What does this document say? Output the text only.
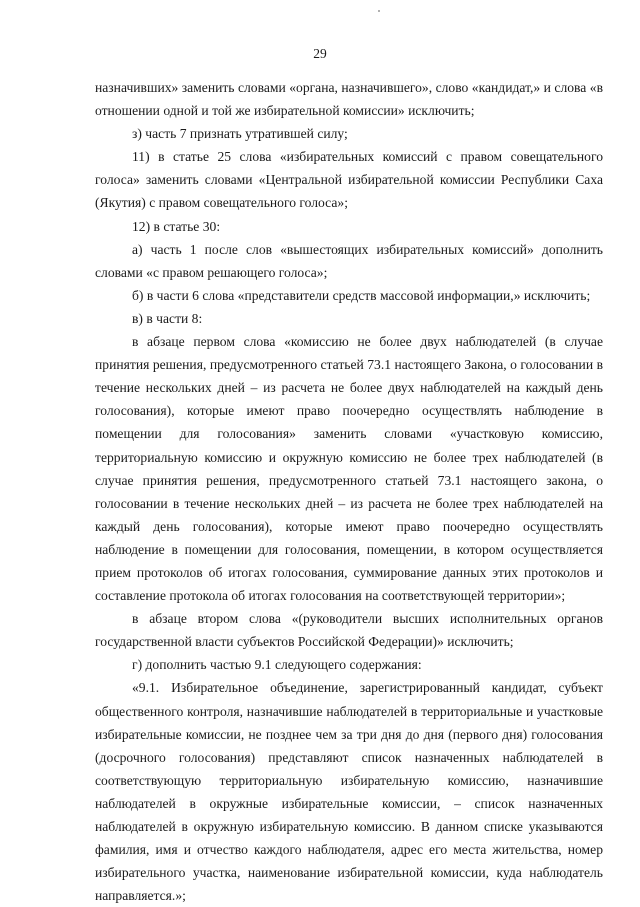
29

назначивших» заменить словами «органа, назначившего», слово «кандидат,» и слова «в отношении одной и той же избирательной комиссии» исключить;

з) часть 7 признать утратившей силу;

11) в статье 25 слова «избирательных комиссий с правом совещательного голоса» заменить словами «Центральной избирательной комиссии Республики Саха (Якутия) с правом совещательного голоса»;

12) в статье 30:

а) часть 1 после слов «вышестоящих избирательных комиссий» дополнить словами «с правом решающего голоса»;

б) в части 6 слова «представители средств массовой информации,» исключить;

в) в части 8:

в абзаце первом слова «комиссию не более двух наблюдателей (в случае принятия решения, предусмотренного статьей 73.1 настоящего Закона, о голосовании в течение нескольких дней – из расчета не более двух наблюдателей на каждый день голосования), которые имеют право поочередно осуществлять наблюдение в помещении для голосования» заменить словами «участковую комиссию, территориальную комиссию и окружную комиссию не более трех наблюдателей (в случае принятия решения, предусмотренного статьей 73.1 настоящего закона, о голосовании в течение нескольких дней – из расчета не более трех наблюдателей на каждый день голосования), которые имеют право поочередно осуществлять наблюдение в помещении для голосования, помещении, в котором осуществляется прием протоколов об итогах голосования, суммирование данных этих протоколов и составление протокола об итогах голосования на соответствующей территории»;

в абзаце втором слова «(руководители высших исполнительных органов государственной власти субъектов Российской Федерации)» исключить;

г) дополнить частью 9.1 следующего содержания:

«9.1. Избирательное объединение, зарегистрированный кандидат, субъект общественного контроля, назначившие наблюдателей в территориальные и участковые избирательные комиссии, не позднее чем за три дня до дня (первого дня) голосования (досрочного голосования) представляют список назначенных наблюдателей в соответствующую территориальную избирательную комиссию, назначившие наблюдателей в окружные избирательные комиссии, – список назначенных наблюдателей в окружную избирательную комиссию. В данном списке указываются фамилия, имя и отчество каждого наблюдателя, адрес его места жительства, номер избирательного участка, наименование избирательной комиссии, куда наблюдатель направляется.»;
